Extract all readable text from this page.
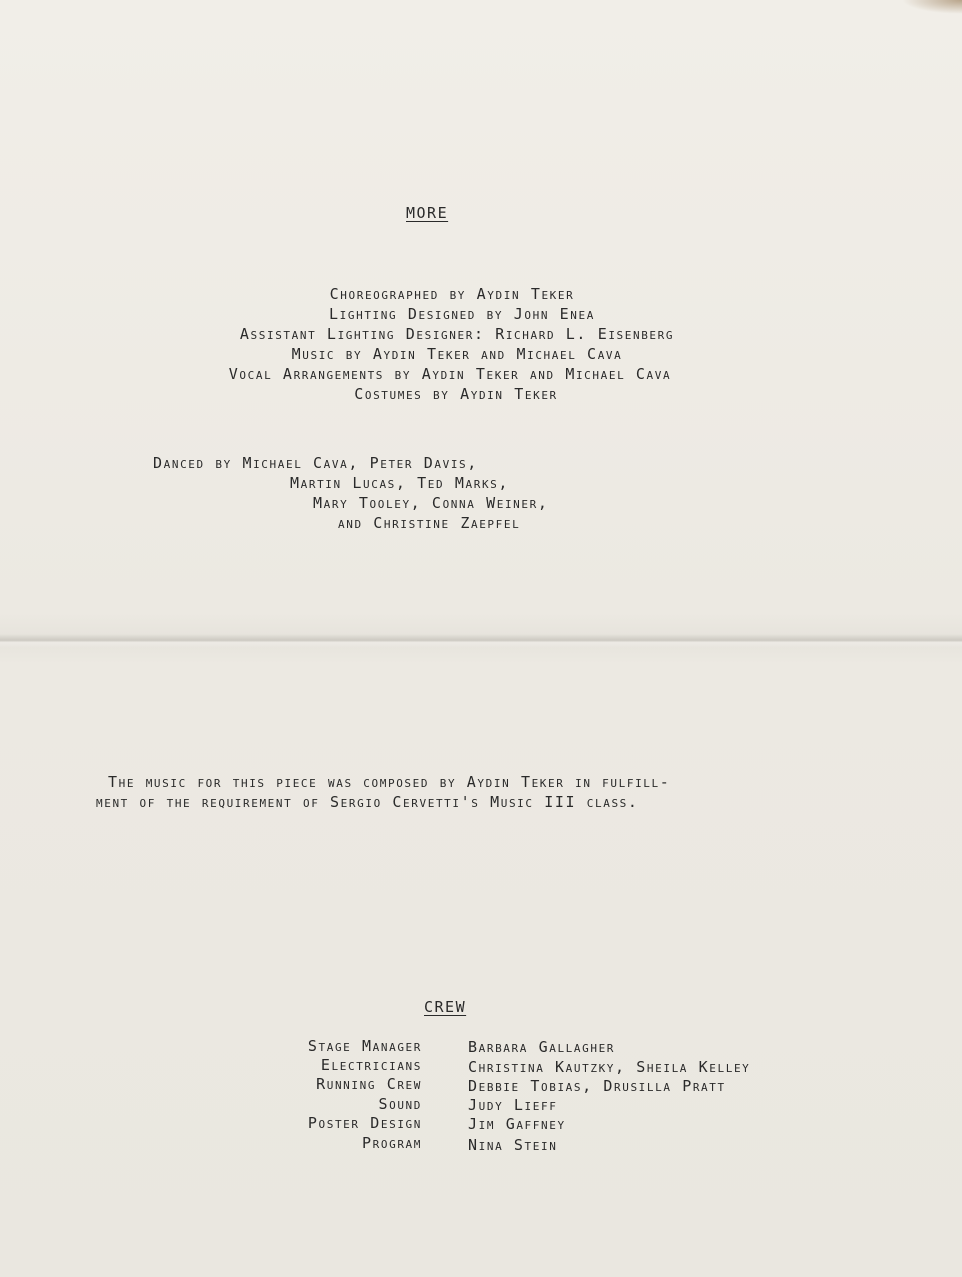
MORE
Choreographed by Aydin Teker
Lighting Designed by John Enea
Assistant Lighting Designer: Richard L. Eisenberg
Music by Aydin Teker and Michael Cava
Vocal Arrangements by Aydin Teker and Michael Cava
Costumes by Aydin Teker
Danced by Michael Cava, Peter Davis,
Martin Lucas, Ted Marks,
Mary Tooley, Conna Weiner,
and Christine Zaepfel
The music for this piece was composed by Aydin Teker in fulfill-
ment of the requirement of Sergio Cervetti's Music III class.
CREW
Stage Manager	Barbara Gallagher
Electricians	Christina Kautzky, Sheila Kelley
Running Crew	Debbie Tobias, Drusilla Pratt
Sound	Judy Lieff
Poster Design	Jim Gaffney
Program	Nina Stein
